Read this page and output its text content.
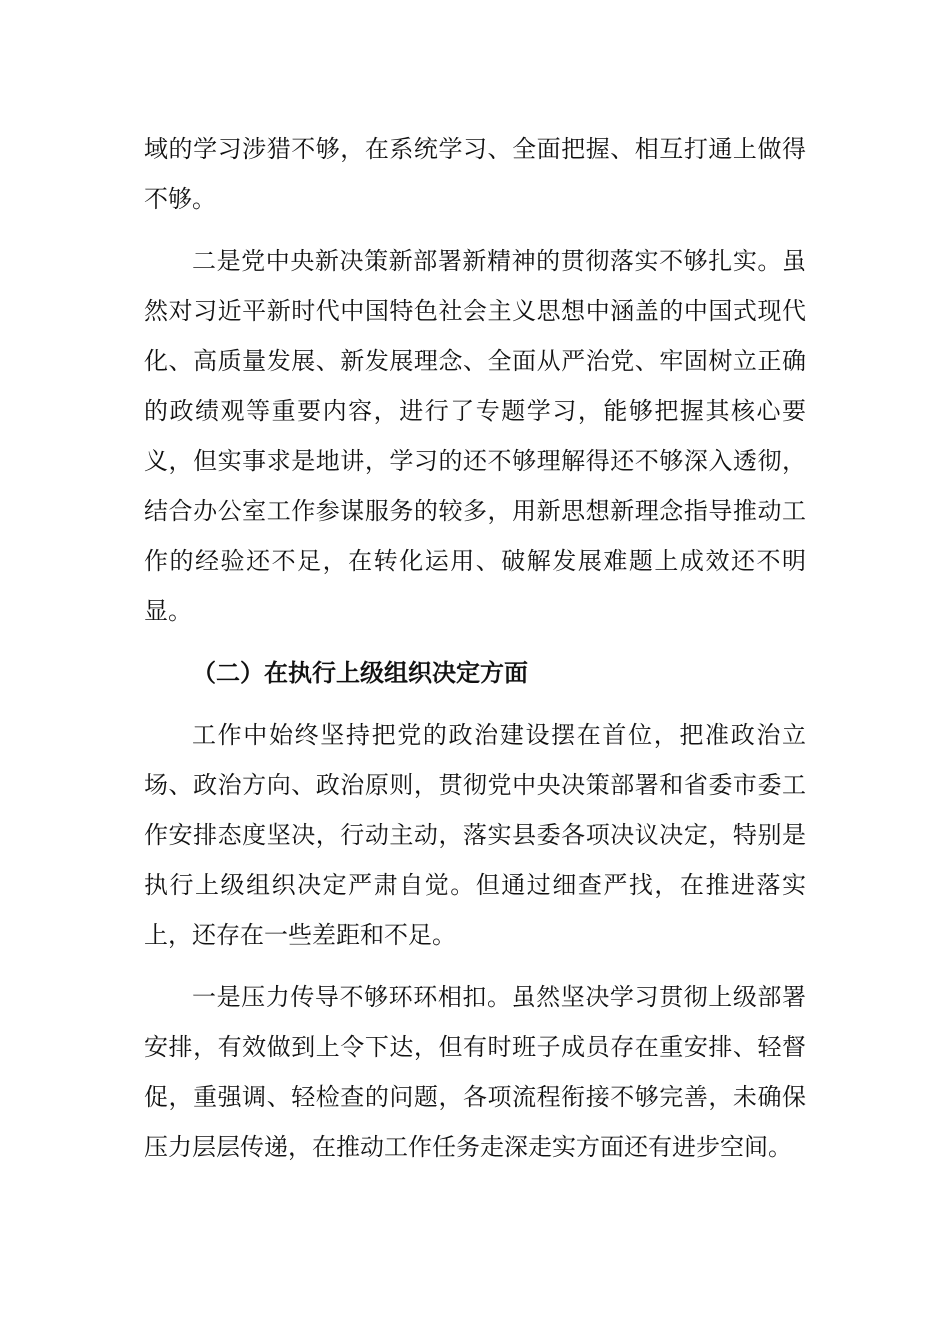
域的学习涉猎不够，在系统学习、全面把握、相互打通上做得不够。

二是党中央新决策新部署新精神的贯彻落实不够扎实。虽然对习近平新时代中国特色社会主义思想中涵盖的中国式现代化、高质量发展、新发展理念、全面从严治党、牢固树立正确的政绩观等重要内容，进行了专题学习，能够把握其核心要义，但实事求是地讲，学习的还不够理解得还不够深入透彻，结合办公室工作参谋服务的较多，用新思想新理念指导推动工作的经验还不足，在转化运用、破解发展难题上成效还不明显。

（二）在执行上级组织决定方面

工作中始终坚持把党的政治建设摆在首位，把准政治立场、政治方向、政治原则，贯彻党中央决策部署和省委市委工作安排态度坚决，行动主动，落实县委各项决议决定，特别是执行上级组织决定严肃自觉。但通过细查严找，在推进落实上，还存在一些差距和不足。

一是压力传导不够环环相扣。虽然坚决学习贯彻上级部署安排，有效做到上令下达，但有时班子成员存在重安排、轻督促，重强调、轻检查的问题，各项流程衔接不够完善，未确保压力层层传递，在推动工作任务走深走实方面还有进步空间。
